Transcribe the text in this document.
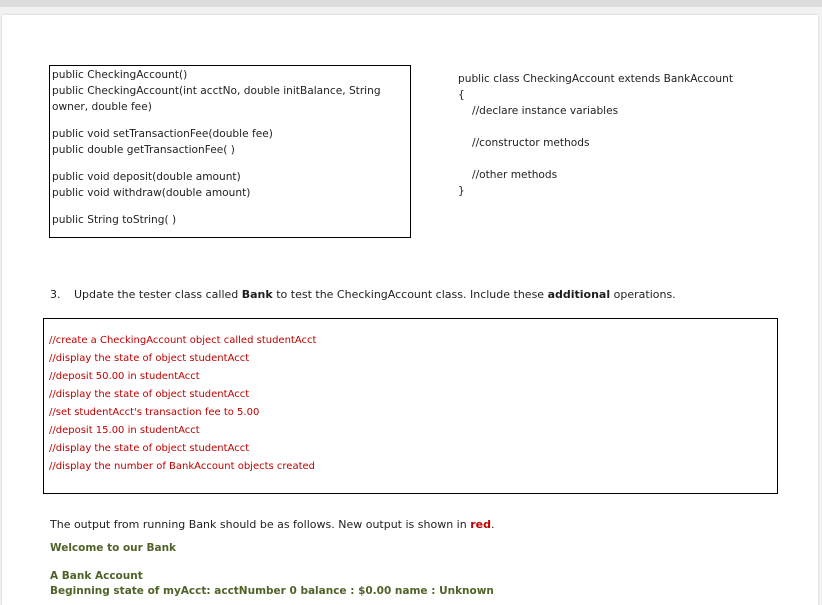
public CheckingAccount()
public CheckingAccount(int acctNo, double initBalance, String
owner, double fee)
public void setTransactionFee(double fee)
public double getTransactionFee( )
public void deposit(double amount)
public void withdraw(double amount)
public String toString( )
public class CheckingAccount extends BankAccount
{
//declare instance variables
//constructor methods
//other methods
}
3. Update the tester class called Bank to test the CheckingAccount class. Include these additional operations.
//create a CheckingAccount object called studentAcct
//display the state of object studentAcct
//deposit 50.00 in studentAcct
//display the state of object studentAcct
//set studentAcct's transaction fee to 5.00
//deposit 15.00 in studentAcct
//display the state of object studentAcct
//display the number of BankAccount objects created
The output from running Bank should be as follows. New output is shown in red.
Welcome to our Bank
A Bank Account
Beginning state of myAcct: acctNumber 0 balance : $0.00 name : Unknown
